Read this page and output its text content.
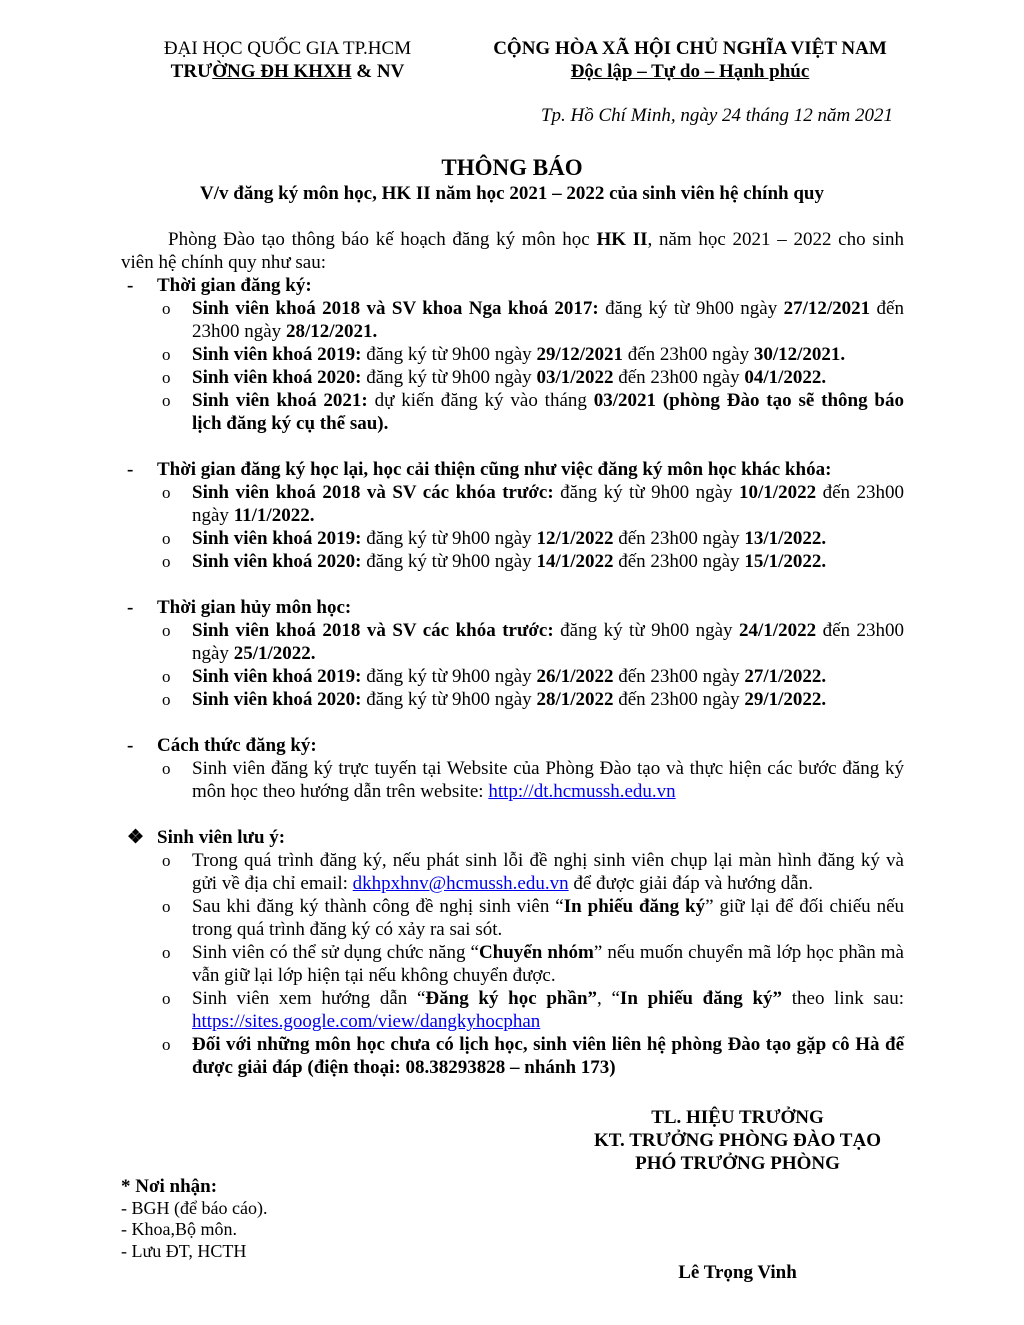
ĐẠI HỌC QUỐC GIA TP.HCM
TRƯỜNG ĐH KHXH & NV
CỘNG HÒA XÃ HỘI CHỦ NGHĨA VIỆT NAM
Độc lập – Tự do – Hạnh phúc
Tp. Hồ Chí Minh, ngày 24 tháng 12 năm 2021
THÔNG BÁO
V/v đăng ký môn học, HK II năm học 2021 – 2022 của sinh viên hệ chính quy

Phòng Đào tạo thông báo kế hoạch đăng ký môn học HK II, năm học 2021 – 2022 cho sinh viên hệ chính quy như sau:

- Thời gian đăng ký:
o Sinh viên khoá 2018 và SV khoa Nga khoá 2017: đăng ký từ 9h00 ngày 27/12/2021 đến 23h00 ngày 28/12/2021.
o Sinh viên khoá 2019: đăng ký từ 9h00 ngày 29/12/2021 đến 23h00 ngày 30/12/2021.
o Sinh viên khoá 2020: đăng ký từ 9h00 ngày 03/1/2022 đến 23h00 ngày 04/1/2022.
o Sinh viên khoá 2021: dự kiến đăng ký vào tháng 03/2021 (phòng Đào tạo sẽ thông báo lịch đăng ký cụ thể sau).
- Thời gian đăng ký học lại, học cải thiện cũng như việc đăng ký môn học khác khóa:
o Sinh viên khoá 2018 và SV các khóa trước: đăng ký từ 9h00 ngày 10/1/2022 đến 23h00 ngày 11/1/2022.
o Sinh viên khoá 2019: đăng ký từ 9h00 ngày 12/1/2022 đến 23h00 ngày 13/1/2022.
o Sinh viên khoá 2020: đăng ký từ 9h00 ngày 14/1/2022 đến 23h00 ngày 15/1/2022.
- Thời gian hủy môn học:
o Sinh viên khoá 2018 và SV các khóa trước: đăng ký từ 9h00 ngày 24/1/2022 đến 23h00 ngày 25/1/2022.
o Sinh viên khoá 2019: đăng ký từ 9h00 ngày 26/1/2022 đến 23h00 ngày 27/1/2022.
o Sinh viên khoá 2020: đăng ký từ 9h00 ngày 28/1/2022 đến 23h00 ngày 29/1/2022.
- Cách thức đăng ký:
o Sinh viên đăng ký trực tuyến tại Website của Phòng Đào tạo và thực hiện các bước đăng ký môn học theo hướng dẫn trên website: http://dt.hcmussh.edu.vn
❖ Sinh viên lưu ý:
o Trong quá trình đăng ký, nếu phát sinh lỗi đề nghị sinh viên chụp lại màn hình đăng ký và gửi về địa chỉ email: dkhpxhnv@hcmussh.edu.vn để được giải đáp và hướng dẫn.
o Sau khi đăng ký thành công đề nghị sinh viên “In phiếu đăng ký” giữ lại để đối chiếu nếu trong quá trình đăng ký có xảy ra sai sót.
o Sinh viên có thể sử dụng chức năng “Chuyển nhóm” nếu muốn chuyển mã lớp học phần mà vẫn giữ lại lớp hiện tại nếu không chuyển được.
o Sinh viên xem hướng dẫn “Đăng ký học phần”, “In phiếu đăng ký” theo link sau: https://sites.google.com/view/dangkyhocphan
o Đối với những môn học chưa có lịch học, sinh viên liên hệ phòng Đào tạo gặp cô Hà để được giải đáp (điện thoại: 08.38293828 – nhánh 173)
TL. HIỆU TRƯỞNG
KT. TRƯỞNG PHÒNG ĐÀO TẠO
PHÓ TRƯỞNG PHÒNG
Lê Trọng Vinh
* Nơi nhận:
- BGH (để báo cáo).
- Khoa,Bộ môn.
- Lưu ĐT, HCTH
